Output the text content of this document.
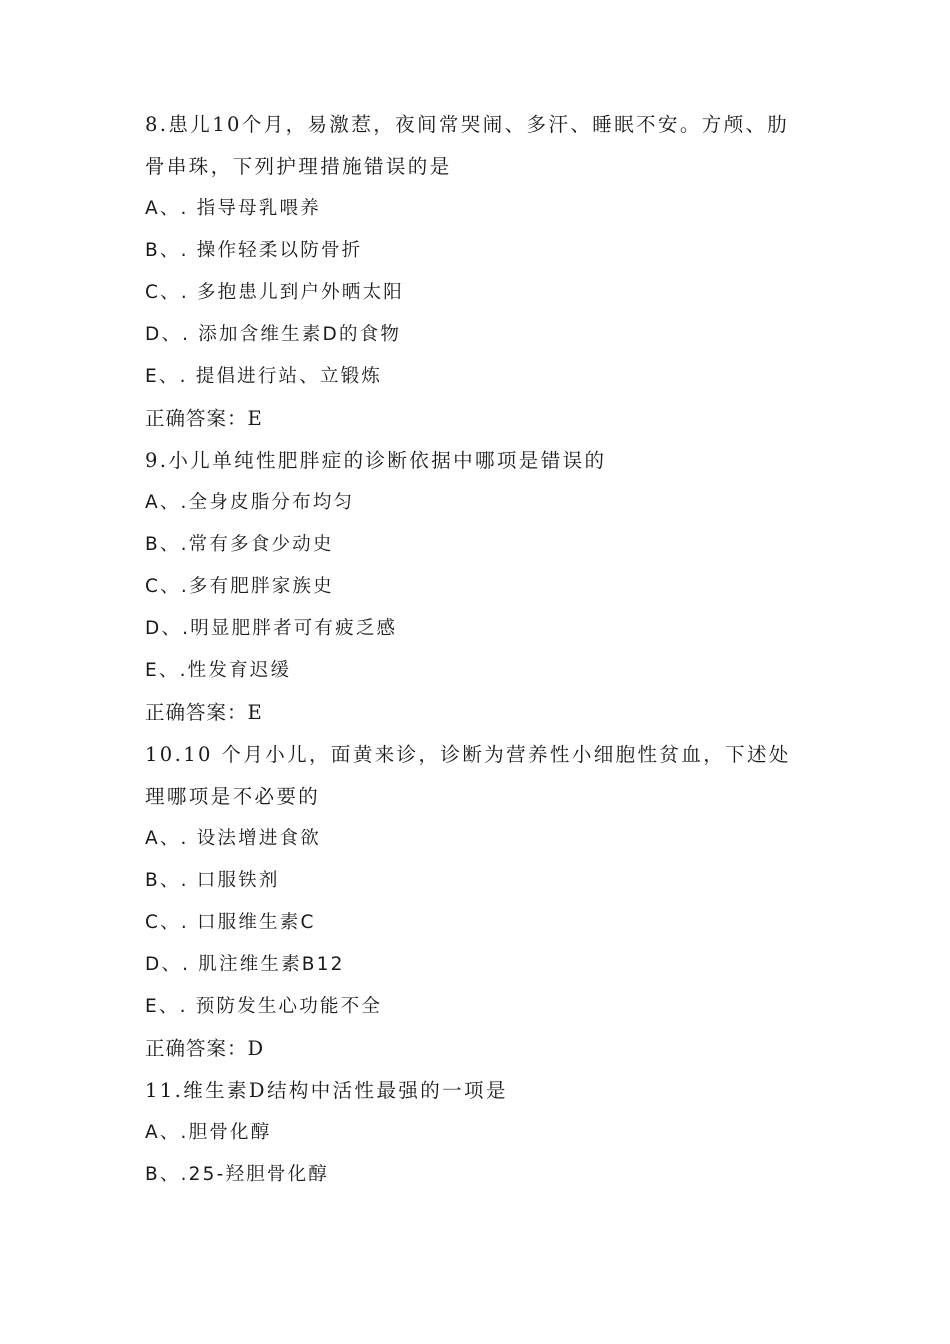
8.患儿10个月，易激惹，夜间常哭闹、多汗、睡眠不安。方颅、肋
骨串珠，下列护理措施错误的是
A、. 指导母乳喂养
B、. 操作轻柔以防骨折
C、. 多抱患儿到户外晒太阳
D、. 添加含维生素D的食物
E、. 提倡进行站、立锻炼
正确答案：E
9.小儿单纯性肥胖症的诊断依据中哪项是错误的
A、.全身皮脂分布均匀
B、.常有多食少动史
C、.多有肥胖家族史
D、.明显肥胖者可有疲乏感
E、.性发育迟缓
正确答案：E
10.10 个月小儿，面黄来诊，诊断为营养性小细胞性贫血，下述处
理哪项是不必要的
A、. 设法增进食欲
B、. 口服铁剂
C、. 口服维生素C
D、. 肌注维生素B12
E、. 预防发生心功能不全
正确答案：D
11.维生素D结构中活性最强的一项是
A、.胆骨化醇
B、.25-羟胆骨化醇
